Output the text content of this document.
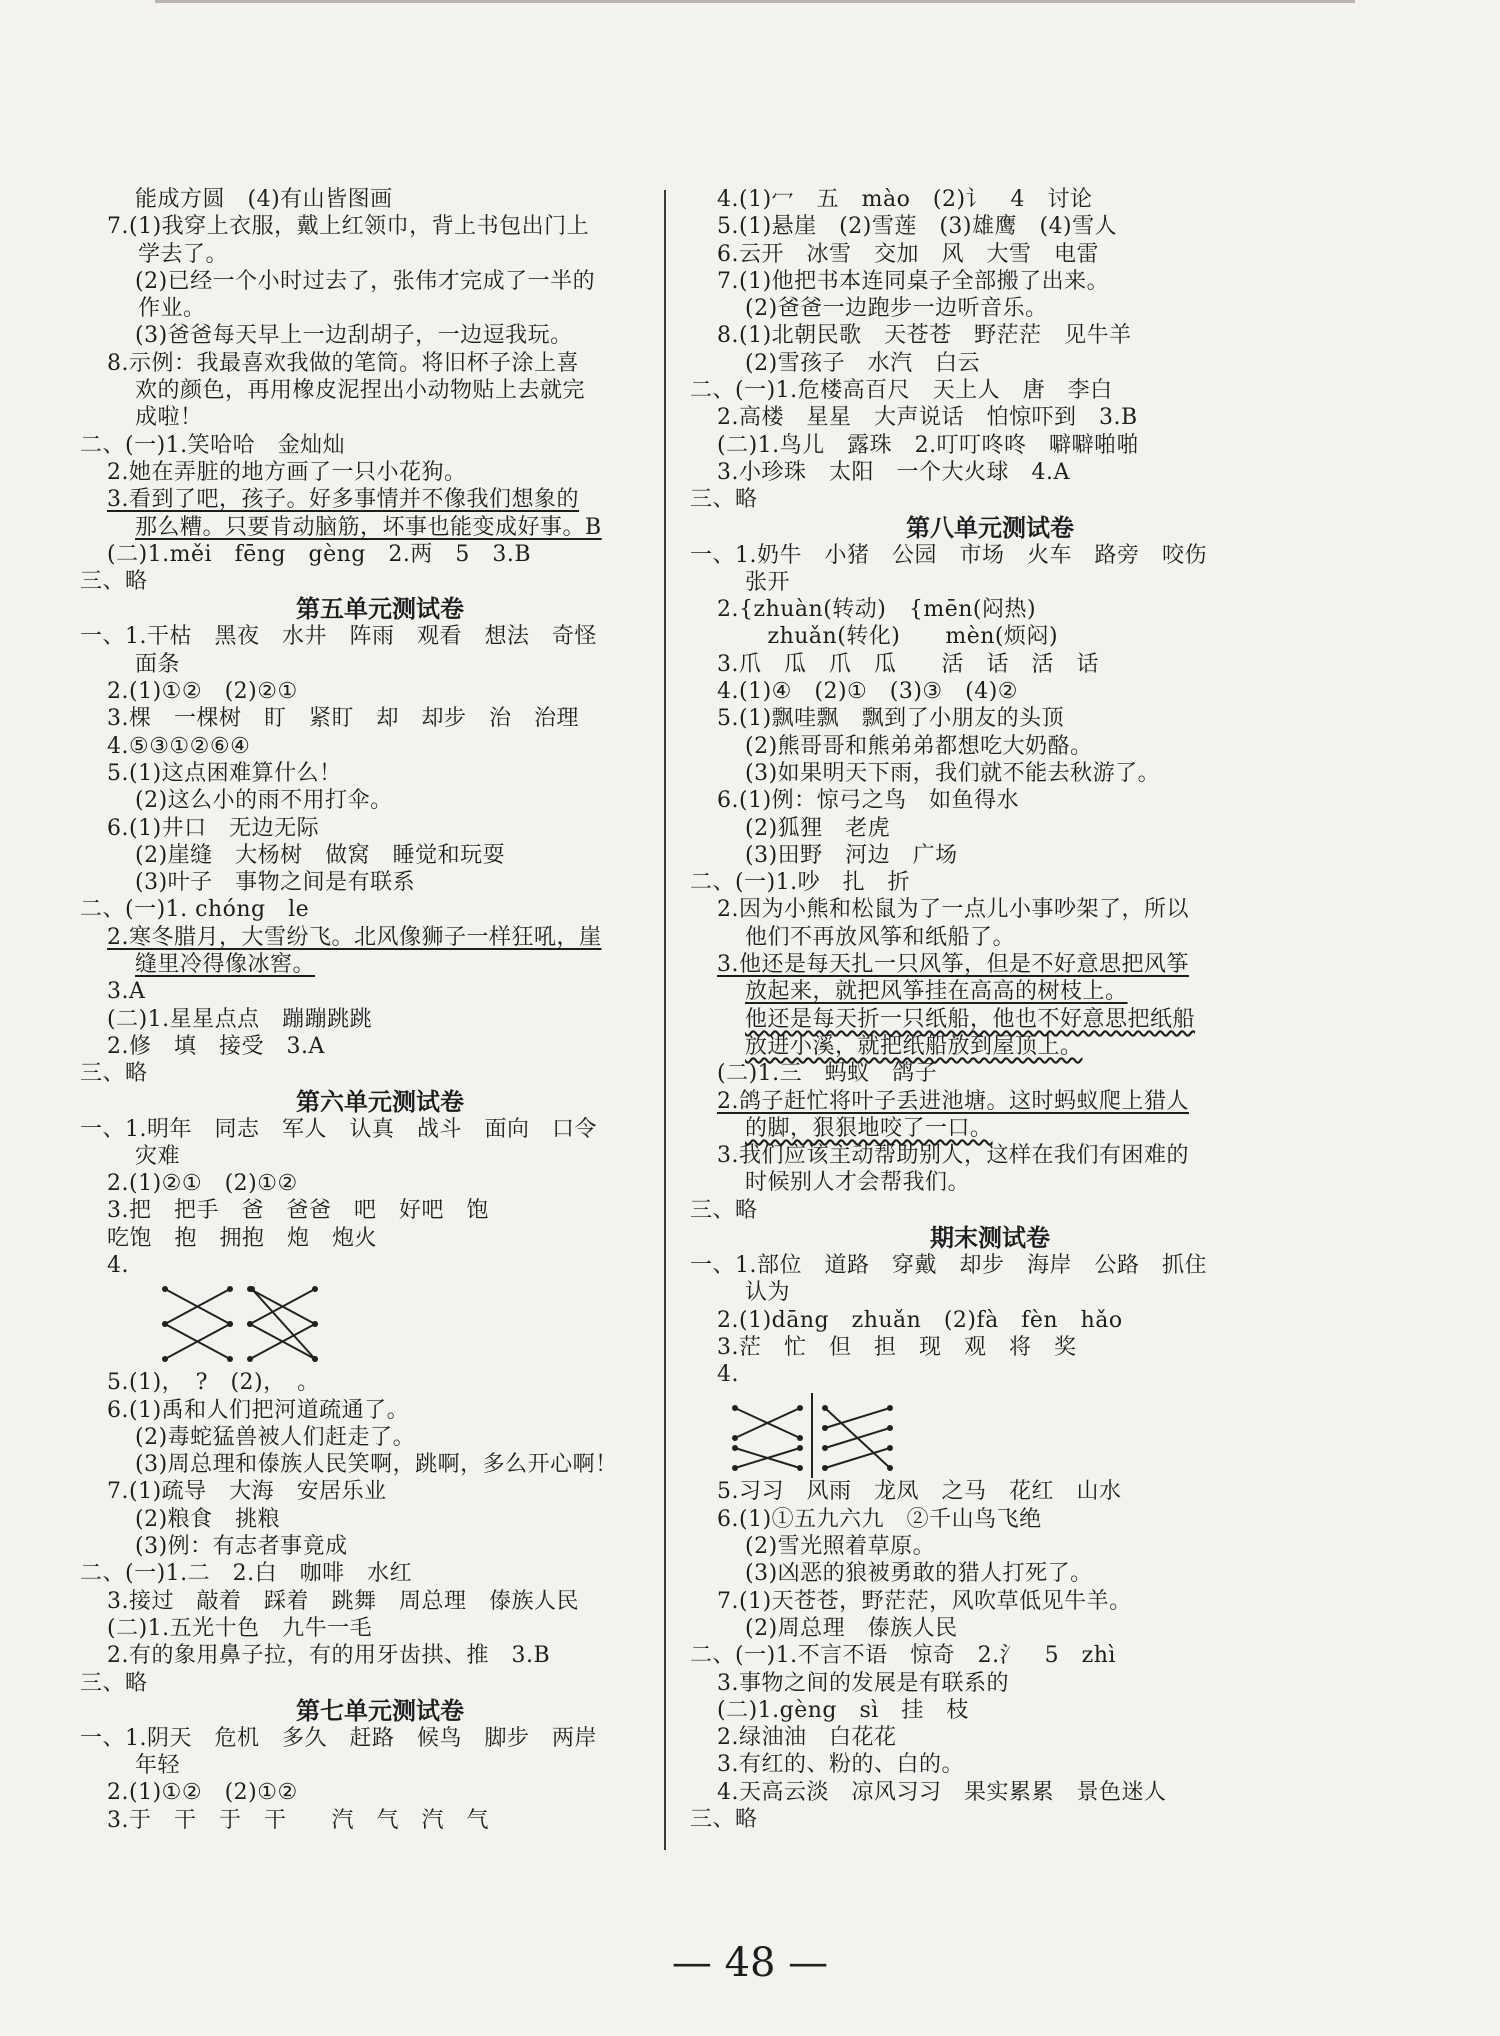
能成方圆　(4)有山皆图画
7.(1)我穿上衣服，戴上红领巾，背上书包出门上
学去了。
(2)已经一个小时过去了，张伟才完成了一半的
作业。
(3)爸爸每天早上一边刮胡子，一边逗我玩。
8.示例：我最喜欢我做的笔筒。将旧杯子涂上喜
欢的颜色，再用橡皮泥捏出小动物贴上去就完
成啦！
二、(一)1.笑哈哈　金灿灿
2.她在弄脏的地方画了一只小花狗。
3.看到了吧，孩子。好多事情并不像我们想象的
那么糟。只要肯动脑筋，坏事也能变成好事。B
(二)1.měi　fēng　gèng　2.两　5　3.B
三、略
第五单元测试卷
一、1.干枯　黑夜　水井　阵雨　观看　想法　奇怪
面条
2.(1)①②　(2)②①
3.棵　一棵树　盯　紧盯　却　却步　治　治理
4.⑤③①②⑥④
5.(1)这点困难算什么！
(2)这么小的雨不用打伞。
6.(1)井口　无边无际
(2)崖缝　大杨树　做窝　睡觉和玩耍
(3)叶子　事物之间是有联系
二、(一)1. chóng　le
2.寒冬腊月，大雪纷飞。北风像狮子一样狂吼，崖
缝里冷得像冰窖。
3.A
(二)1.星星点点　蹦蹦跳跳
2.修　填　接受　3.A
三、略
第六单元测试卷
一、1.明年　同志　军人　认真　战斗　面向　口令
灾难
2.(1)②①　(2)①②
3.把　把手　爸　爸爸　吧　好吧　饱
吃饱　抱　拥抱　炮　炮火
4.
5.(1)，　?　(2)，　。
6.(1)禹和人们把河道疏通了。
(2)毒蛇猛兽被人们赶走了。
(3)周总理和傣族人民笑啊，跳啊，多么开心啊！
7.(1)疏导　大海　安居乐业
(2)粮食　挑粮
(3)例：有志者事竟成
二、(一)1.二　2.白　咖啡　水红
3.接过　敲着　踩着　跳舞　周总理　傣族人民
(二)1.五光十色　九牛一毛
2.有的象用鼻子拉，有的用牙齿拱、推　3.B
三、略
第七单元测试卷
一、1.阴天　危机　多久　赶路　候鸟　脚步　两岸
年轻
2.(1)①②　(2)①②
3.于　干　于　干　　汽　气　汽　气
4.(1)冖　五　mào　(2)讠　4　讨论
5.(1)悬崖　(2)雪莲　(3)雄鹰　(4)雪人
6.云开　冰雪　交加　风　大雪　电雷
7.(1)他把书本连同桌子全部搬了出来。
(2)爸爸一边跑步一边听音乐。
8.(1)北朝民歌　天苍苍　野茫茫　见牛羊
(2)雪孩子　水汽　白云
二、(一)1.危楼高百尺　天上人　唐　李白
2.高楼　星星　大声说话　怕惊吓到　3.B
(二)1.鸟儿　露珠　2.叮叮咚咚　噼噼啪啪
3.小珍珠　太阳　一个大火球　4.A
三、略
第八单元测试卷
一、1.奶牛　小猪　公园　市场　火车　路旁　咬伤
张开
2.{zhuàn(转动)　{mēn(闷热)
　zhuǎn(转化)　　mèn(烦闷)
3.爪　瓜　爪　瓜　　活　话　活　话
4.(1)④　(2)①　(3)③　(4)②
5.(1)飘哇飘　飘到了小朋友的头顶
(2)熊哥哥和熊弟弟都想吃大奶酪。
(3)如果明天下雨，我们就不能去秋游了。
6.(1)例：惊弓之鸟　如鱼得水
(2)狐狸　老虎
(3)田野　河边　广场
二、(一)1.吵　扎　折
2.因为小熊和松鼠为了一点儿小事吵架了，所以
他们不再放风筝和纸船了。
3.他还是每天扎一只风筝，但是不好意思把风筝
放起来，就把风筝挂在高高的树枝上。
他还是每天折一只纸船，他也不好意思把纸船
放进小溪，就把纸船放到屋顶上。
(二)1.三　蚂蚁　鸽子
2.鸽子赶忙将叶子丢进池塘。这时蚂蚁爬上猎人
的脚，狠狠地咬了一口。
3.我们应该主动帮助别人，这样在我们有困难的
时候别人才会帮我们。
三、略
期末测试卷
一、1.部位　道路　穿戴　却步　海岸　公路　抓住
认为
2.(1)dāng　zhuǎn　(2)fà　fèn　hǎo
3.茫　忙　但　担　现　观　将　奖
4.
5.习习　风雨　龙凤　之马　花红　山水
6.(1)①五九六九　②千山鸟飞绝
(2)雪光照着草原。
(3)凶恶的狼被勇敢的猎人打死了。
7.(1)天苍苍，野茫茫，风吹草低见牛羊。
(2)周总理　傣族人民
二、(一)1.不言不语　惊奇　2.氵　5　zhì
3.事物之间的发展是有联系的
(二)1.gèng　sì　挂　枝
2.绿油油　白花花
3.有红的、粉的、白的。
4.天高云淡　凉风习习　果实累累　景色迷人
三、略
— 48 —
